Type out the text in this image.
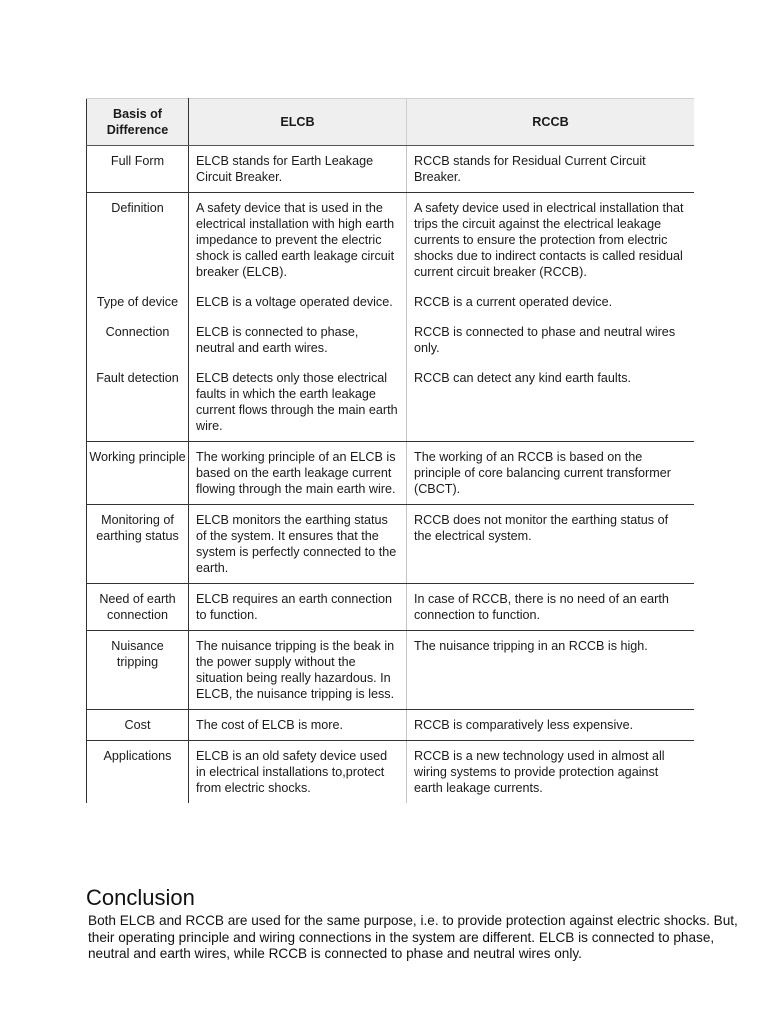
Basis of Difference	ELCB	RCCB
Full Form	ELCB stands for Earth Leakage Circuit Breaker.	RCCB stands for Residual Current Circuit Breaker.
Definition	A safety device that is used in the electrical installation with high earth impedance to prevent the electric shock is called earth leakage circuit breaker (ELCB).	A safety device used in electrical installation that trips the circuit against the electrical leakage currents to ensure the protection from electric shocks due to indirect contacts is called residual current circuit breaker (RCCB).
Type of device	ELCB is a voltage operated device.	RCCB is a current operated device.
Connection	ELCB is connected to phase, neutral and earth wires.	RCCB is connected to phase and neutral wires only.
Fault detection	ELCB detects only those electrical faults in which the earth leakage current flows through the main earth wire.	RCCB can detect any kind earth faults.
Working principle	The working principle of an ELCB is based on the earth leakage current flowing through the main earth wire.	The working of an RCCB is based on the principle of core balancing current transformer (CBCT).
Monitoring of earthing status	ELCB monitors the earthing status of the system. It ensures that the system is perfectly connected to the earth.	RCCB does not monitor the earthing status of the electrical system.
Need of earth connection	ELCB requires an earth connection to function.	In case of RCCB, there is no need of an earth connection to function.
Nuisance tripping	The nuisance tripping is the beak in the power supply without the situation being really hazardous. In ELCB, the nuisance tripping is less.	The nuisance tripping in an RCCB is high.
Cost	The cost of ELCB is more.	RCCB is comparatively less expensive.
Applications	ELCB is an old safety device used in electrical installations to,protect from electric shocks.	RCCB is a new technology used in almost all wiring systems to provide protection against earth leakage currents.
Conclusion

Both ELCB and RCCB are used for the same purpose, i.e. to provide protection against electric shocks. But, their operating principle and wiring connections in the system are different. ELCB is connected to phase, neutral and earth wires, while RCCB is connected to phase and neutral wires only.
